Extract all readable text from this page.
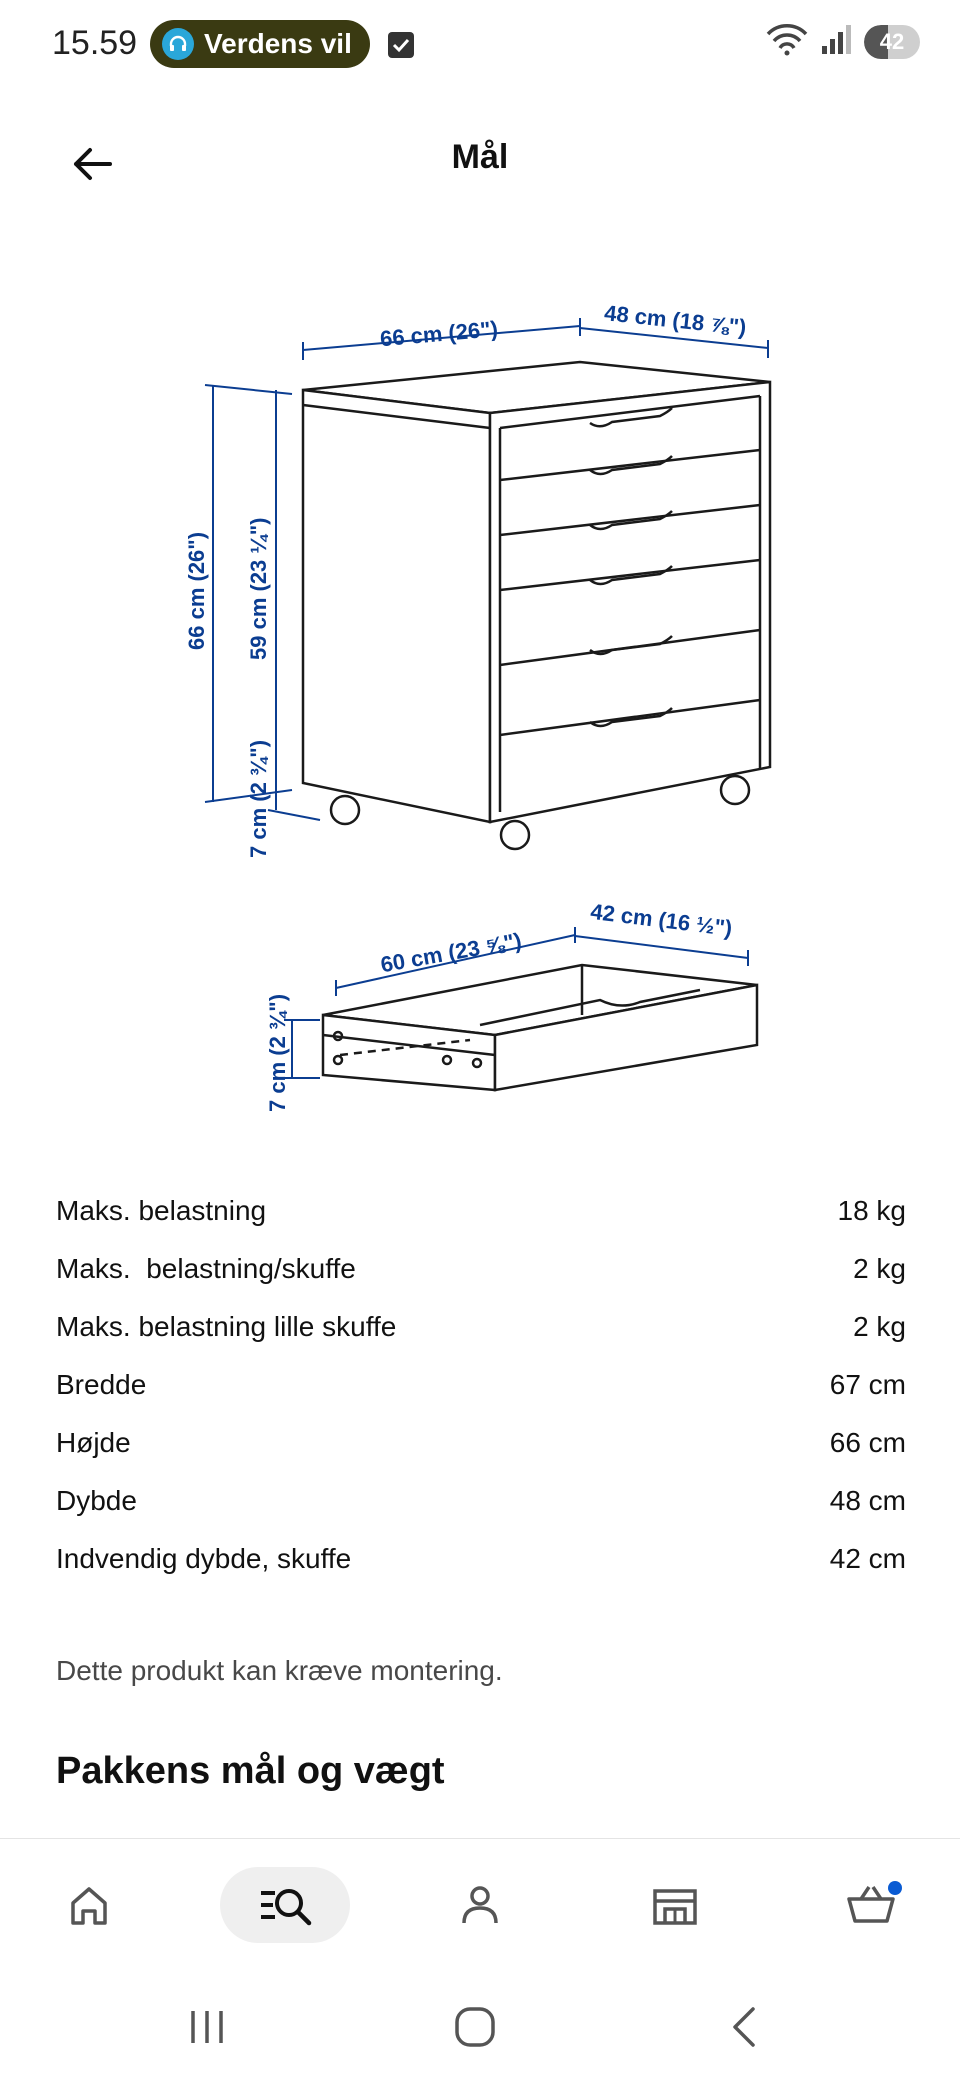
15.59 Verdens vil	42
Mål
66 cm (26")	48 cm (18 ⅞")
66 cm (26") 59 cm (23 ¼")
7 cm (2 ¾")
60 cm (23 ⅝")
42 cm (16 ½")
7 cm (2 ¾")
Maks. belastning	18 kg
Maks.  belastning/skuffe	2 kg
Maks. belastning lille skuffe	2 kg
Bredde	67 cm
Højde	66 cm
Dybde	48 cm
Indvendig dybde, skuffe	42 cm

Dette produkt kan kræve montering.

Pakkens mål og vægt
